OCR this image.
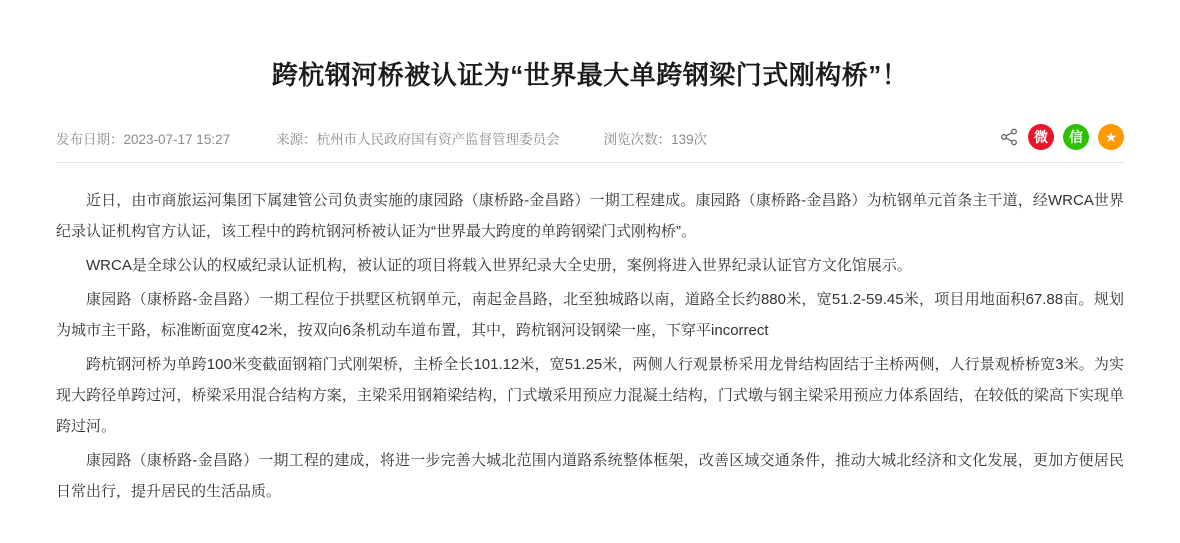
跨杭钢河桥被认证为“世界最大单跨钢梁门式刚构桥”！
发布日期：2023-07-17 15:27	来源：杭州市人民政府国有资产监督管理委员会	浏览次数：139次	微	信	★

近日，由市商旅运河集团下属建管公司负责实施的康园路（康桥路-金昌路）一期工程建成。康园路（康桥路-金昌路）为杭钢单元首条主干道，经WRCA世界纪录认证机构官方认证，该工程中的跨杭钢河桥被认证为“世界最大跨度的单跨钢梁门式刚构桥”。

WRCA是全球公认的权威纪录认证机构，被认证的项目将载入世界纪录大全史册，案例将进入世界纪录认证官方文化馆展示。

康园路（康桥路-金昌路）一期工程位于拱墅区杭钢单元，南起金昌路，北至独城路以南，道路全长约880米，宽51.2-59.45米，项目用地面积67.88亩。规划为城市主干路，标准断面宽度42米，按双向6条机动车道布置，其中，跨杭钢河设钢梁一座，下穿平incorrect

跨杭钢河桥为单跨100米变截面钢箱门式刚架桥，主桥全长101.12米，宽51.25米，两侧人行观景桥采用龙骨结构固结于主桥两侧，人行景观桥桥宽3米。为实现大跨径单跨过河，桥梁采用混合结构方案，主梁采用钢箱梁结构，门式墩采用预应力混凝土结构，门式墩与钢主梁采用预应力体系固结，在较低的梁高下实现单跨过河。

康园路（康桥路-金昌路）一期工程的建成，将进一步完善大城北范围内道路系统整体框架，改善区域交通条件，推动大城北经济和文化发展，更加方便居民日常出行，提升居民的生活品质。
